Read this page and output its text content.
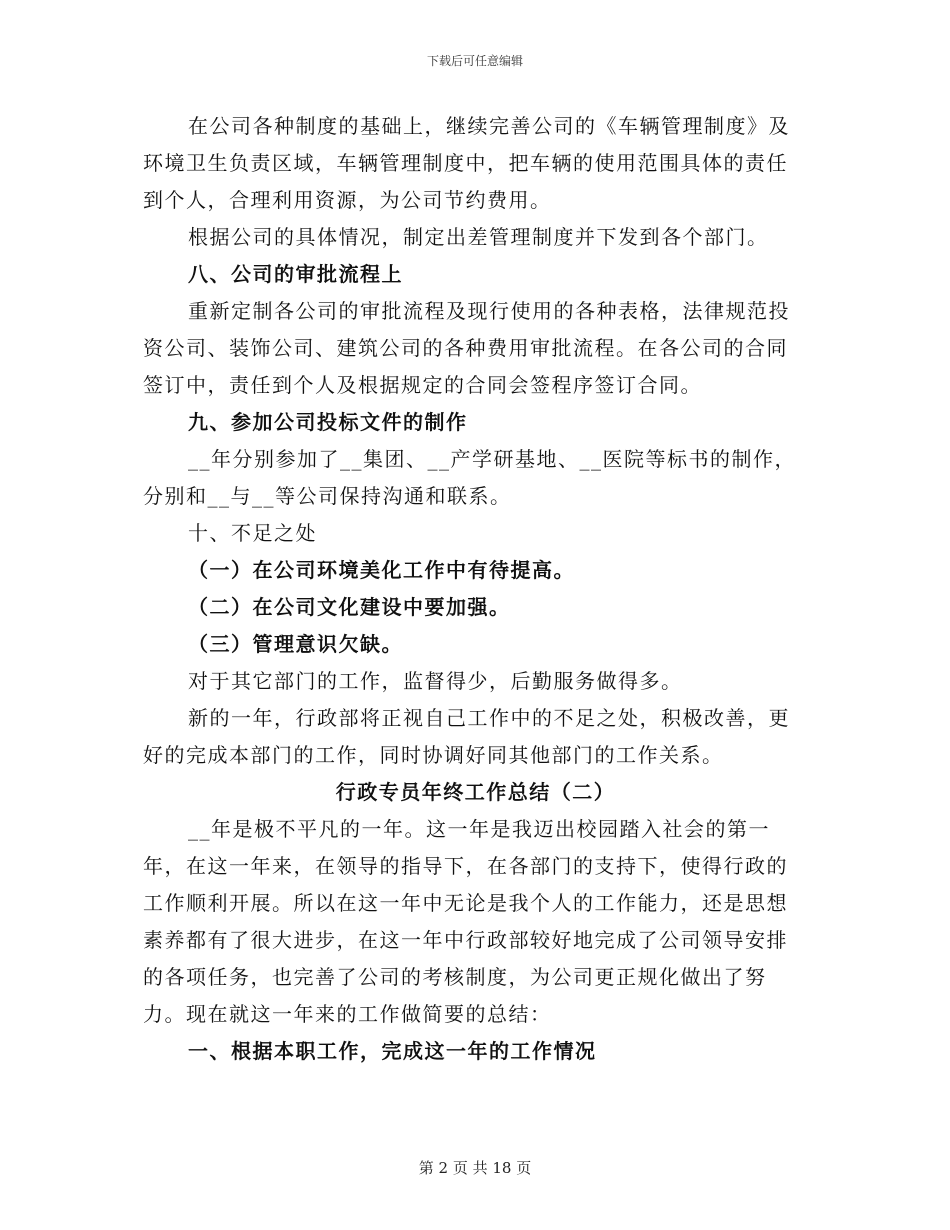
下载后可任意编辑

在公司各种制度的基础上，继续完善公司的《车辆管理制度》及环境卫生负责区域，车辆管理制度中，把车辆的使用范围具体的责任到个人，合理利用资源，为公司节约费用。

根据公司的具体情况，制定出差管理制度并下发到各个部门。

八、公司的审批流程上

重新定制各公司的审批流程及现行使用的各种表格，法律规范投资公司、装饰公司、建筑公司的各种费用审批流程。在各公司的合同签订中，责任到个人及根据规定的合同会签程序签订合同。

九、参加公司投标文件的制作

__年分别参加了__集团、__产学研基地、__医院等标书的制作，分别和__与__等公司保持沟通和联系。

十、不足之处

（一）在公司环境美化工作中有待提高。

（二）在公司文化建设中要加强。

（三）管理意识欠缺。

对于其它部门的工作，监督得少，后勤服务做得多。

新的一年，行政部将正视自己工作中的不足之处，积极改善，更好的完成本部门的工作，同时协调好同其他部门的工作关系。

行政专员年终工作总结（二）

__年是极不平凡的一年。这一年是我迈出校园踏入社会的第一年，在这一年来，在领导的指导下，在各部门的支持下，使得行政的工作顺利开展。所以在这一年中无论是我个人的工作能力，还是思想素养都有了很大进步，在这一年中行政部较好地完成了公司领导安排的各项任务，也完善了公司的考核制度，为公司更正规化做出了努力。现在就这一年来的工作做简要的总结：

一、根据本职工作，完成这一年的工作情况

第 2 页 共 18 页
